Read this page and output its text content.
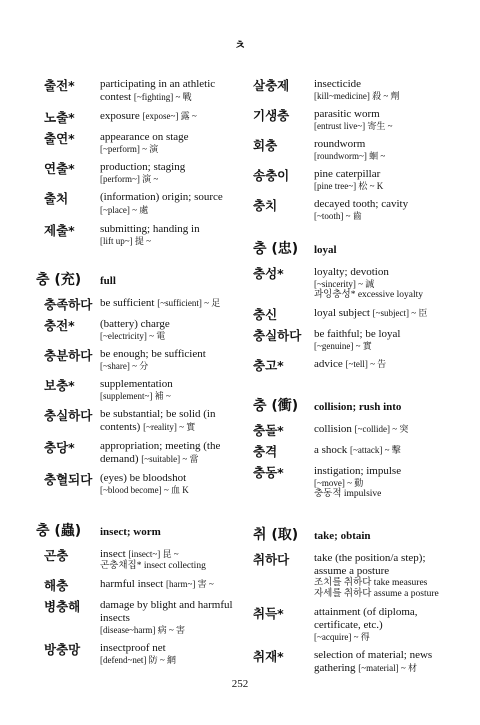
ㅊ
출전*	participating in an athletic contest [~fighting] ~ 戰
노출*	exposure [expose~] 露 ~
출연*	appearance on stage
[~perform] ~ 演
연출*	production; staging
[perform~] 演 ~
출처	(information) origin; source [~place] ~ 處
제출*	submitting; handing in
[lift up~] 提 ~
충 (充)	full
충족하다 be sufficient [~sufficient] ~ 足
충전*	(battery) charge
[~electricity] ~ 電
충분하다 be enough; be sufficient
[~share] ~ 分
보충*	supplementation
[supplement~] 補 ~
충실하다 be substantial; be solid (in contents) [~reality] ~ 實
충당*	appropriation; meeting (the demand) [~suitable] ~ 當
충혈되다 (eyes) be bloodshot
[~blood become] ~ 血 K
충 (蟲)	insect; worm
곤충	insect [insect~] 昆 ~
곤충채집* insect collecting
해충	harmful insect [harm~] 害 ~
병충해	damage by blight and harmful insects
[disease~harm] 病 ~ 害
방충망	insectproof net
[defend~net] 防 ~ 網
살충제	insecticide
[kill~medicine] 殺 ~ 劑
기생충	parasitic worm
[entrust live~] 寄生 ~
회충	roundworm
[roundworm~] 蛔 ~
송충이	pine caterpillar
[pine tree~] 松 ~ K
충치	decayed tooth; cavity
[~tooth] ~ 齒
충 (忠)	loyal
충성*	loyalty; devotion
[~sincerity] ~ 誠
과잉충성* excessive loyalty
충신	loyal subject [~subject] ~ 臣
충실하다	be faithful; be loyal
[~genuine] ~ 實
충고*	advice [~tell] ~ 告
충 (衝)	collision; rush into
충돌*	collision [~collide] ~ 突
충격	a shock [~attack] ~ 擊
충동*	instigation; impulse
[~move] ~ 動
충동적 impulsive
취 (取)	take; obtain
취하다	take (the position/a step); assume a posture
조치를 취하다 take measures
자세를 취하다 assume a posture
취득*	attainment (of diploma, certificate, etc.)
[~acquire] ~ 得
취재*	selection of material; news gathering [~material] ~ 材
252
